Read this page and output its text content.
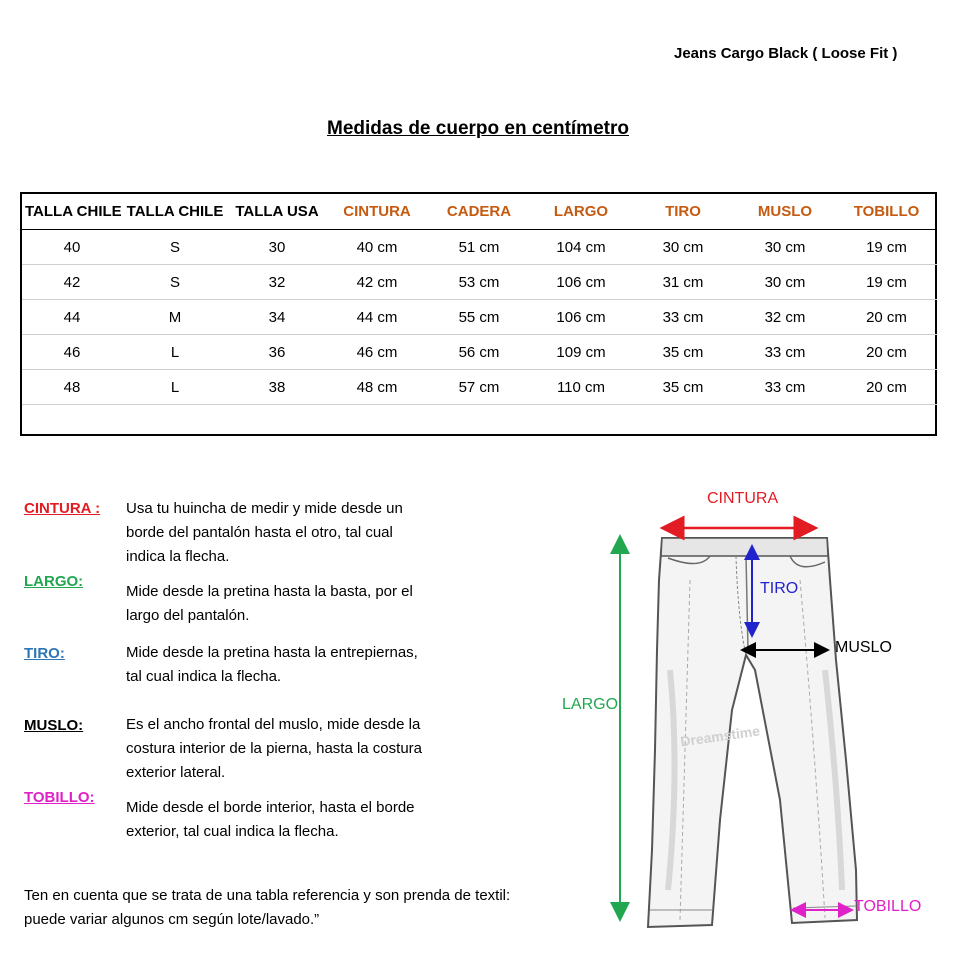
Jeans Cargo Black ( Loose Fit )
Medidas de cuerpo en centímetro
TALLA CHILE	TALLA CHILE	TALLA USA	CINTURA	CADERA	LARGO	TIRO	MUSLO	TOBILLO
40	S	30	40 cm	51 cm	104 cm	30 cm	30 cm	19 cm
42	S	32	42 cm	53 cm	106 cm	31 cm	30 cm	19 cm
44	M	34	44 cm	55 cm	106 cm	33 cm	32 cm	20 cm
46	L	36	46 cm	56 cm	109 cm	35 cm	33 cm	20 cm
48	L	38	48 cm	57 cm	110 cm	35 cm	33 cm	20 cm

CINTURA : Usa tu huincha de medir y mide desde un borde del pantalón hasta el otro, tal cual indica la flecha.
LARGO:
Mide desde la pretina hasta la basta, por el largo del pantalón.
TIRO:	Mide desde la pretina hasta la entrepiernas, tal cual indica la flecha.
MUSLO:	Es el ancho frontal del muslo, mide desde la costura interior de la pierna, hasta la costura exterior lateral.
TOBILLO:
Mide desde el borde interior, hasta el borde exterior, tal cual indica la flecha.
Ten en cuenta que se trata de una tabla referencia y son prenda de textil: puede variar algunos cm según lote/lavado.”
CINTURA
TIRO
MUSLO
LARGO
TOBILLO
Dreamstime
